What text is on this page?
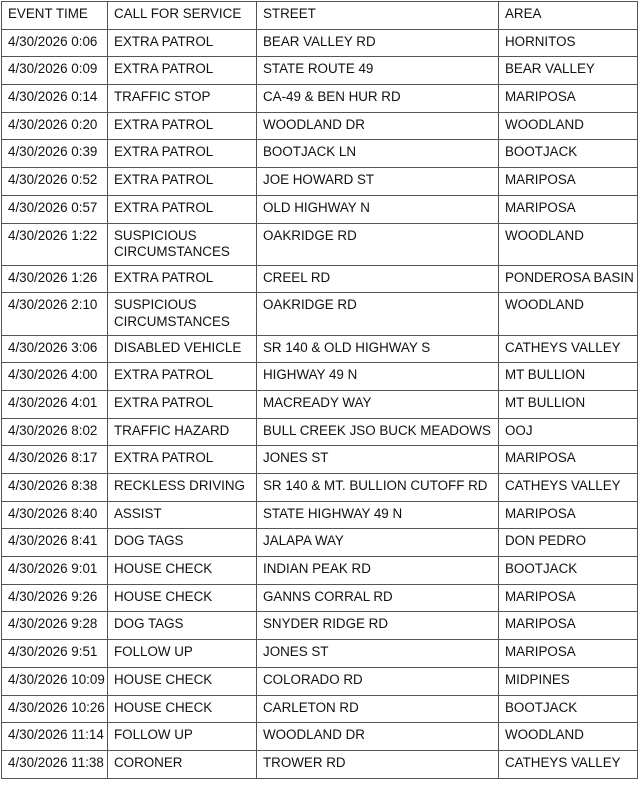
EVENT TIME	CALL FOR SERVICE	STREET	AREA
4/30/2026 0:06	EXTRA PATROL	BEAR VALLEY RD	HORNITOS
4/30/2026 0:09	EXTRA PATROL	STATE ROUTE 49	BEAR VALLEY
4/30/2026 0:14	TRAFFIC STOP	CA-49 & BEN HUR RD	MARIPOSA
4/30/2026 0:20	EXTRA PATROL	WOODLAND DR	WOODLAND
4/30/2026 0:39	EXTRA PATROL	BOOTJACK LN	BOOTJACK
4/30/2026 0:52	EXTRA PATROL	JOE HOWARD ST	MARIPOSA
4/30/2026 0:57	EXTRA PATROL	OLD HIGHWAY N	MARIPOSA
4/30/2026 1:22	SUSPICIOUS CIRCUMSTANCES	OAKRIDGE RD	WOODLAND
4/30/2026 1:26	EXTRA PATROL	CREEL RD	PONDEROSA BASIN
4/30/2026 2:10	SUSPICIOUS CIRCUMSTANCES	OAKRIDGE RD	WOODLAND
4/30/2026 3:06	DISABLED VEHICLE	SR 140 & OLD HIGHWAY S	CATHEYS VALLEY
4/30/2026 4:00	EXTRA PATROL	HIGHWAY 49 N	MT BULLION
4/30/2026 4:01	EXTRA PATROL	MACREADY WAY	MT BULLION
4/30/2026 8:02	TRAFFIC HAZARD	BULL CREEK JSO BUCK MEADOWS	OOJ
4/30/2026 8:17	EXTRA PATROL	JONES ST	MARIPOSA
4/30/2026 8:38	RECKLESS DRIVING	SR 140 & MT. BULLION CUTOFF RD	CATHEYS VALLEY
4/30/2026 8:40	ASSIST	STATE HIGHWAY 49 N	MARIPOSA
4/30/2026 8:41	DOG TAGS	JALAPA WAY	DON PEDRO
4/30/2026 9:01	HOUSE CHECK	INDIAN PEAK RD	BOOTJACK
4/30/2026 9:26	HOUSE CHECK	GANNS CORRAL RD	MARIPOSA
4/30/2026 9:28	DOG TAGS	SNYDER RIDGE RD	MARIPOSA
4/30/2026 9:51	FOLLOW UP	JONES ST	MARIPOSA
4/30/2026 10:09	HOUSE CHECK	COLORADO RD	MIDPINES
4/30/2026 10:26	HOUSE CHECK	CARLETON RD	BOOTJACK
4/30/2026 11:14	FOLLOW UP	WOODLAND DR	WOODLAND
4/30/2026 11:38	CORONER	TROWER RD	CATHEYS VALLEY
